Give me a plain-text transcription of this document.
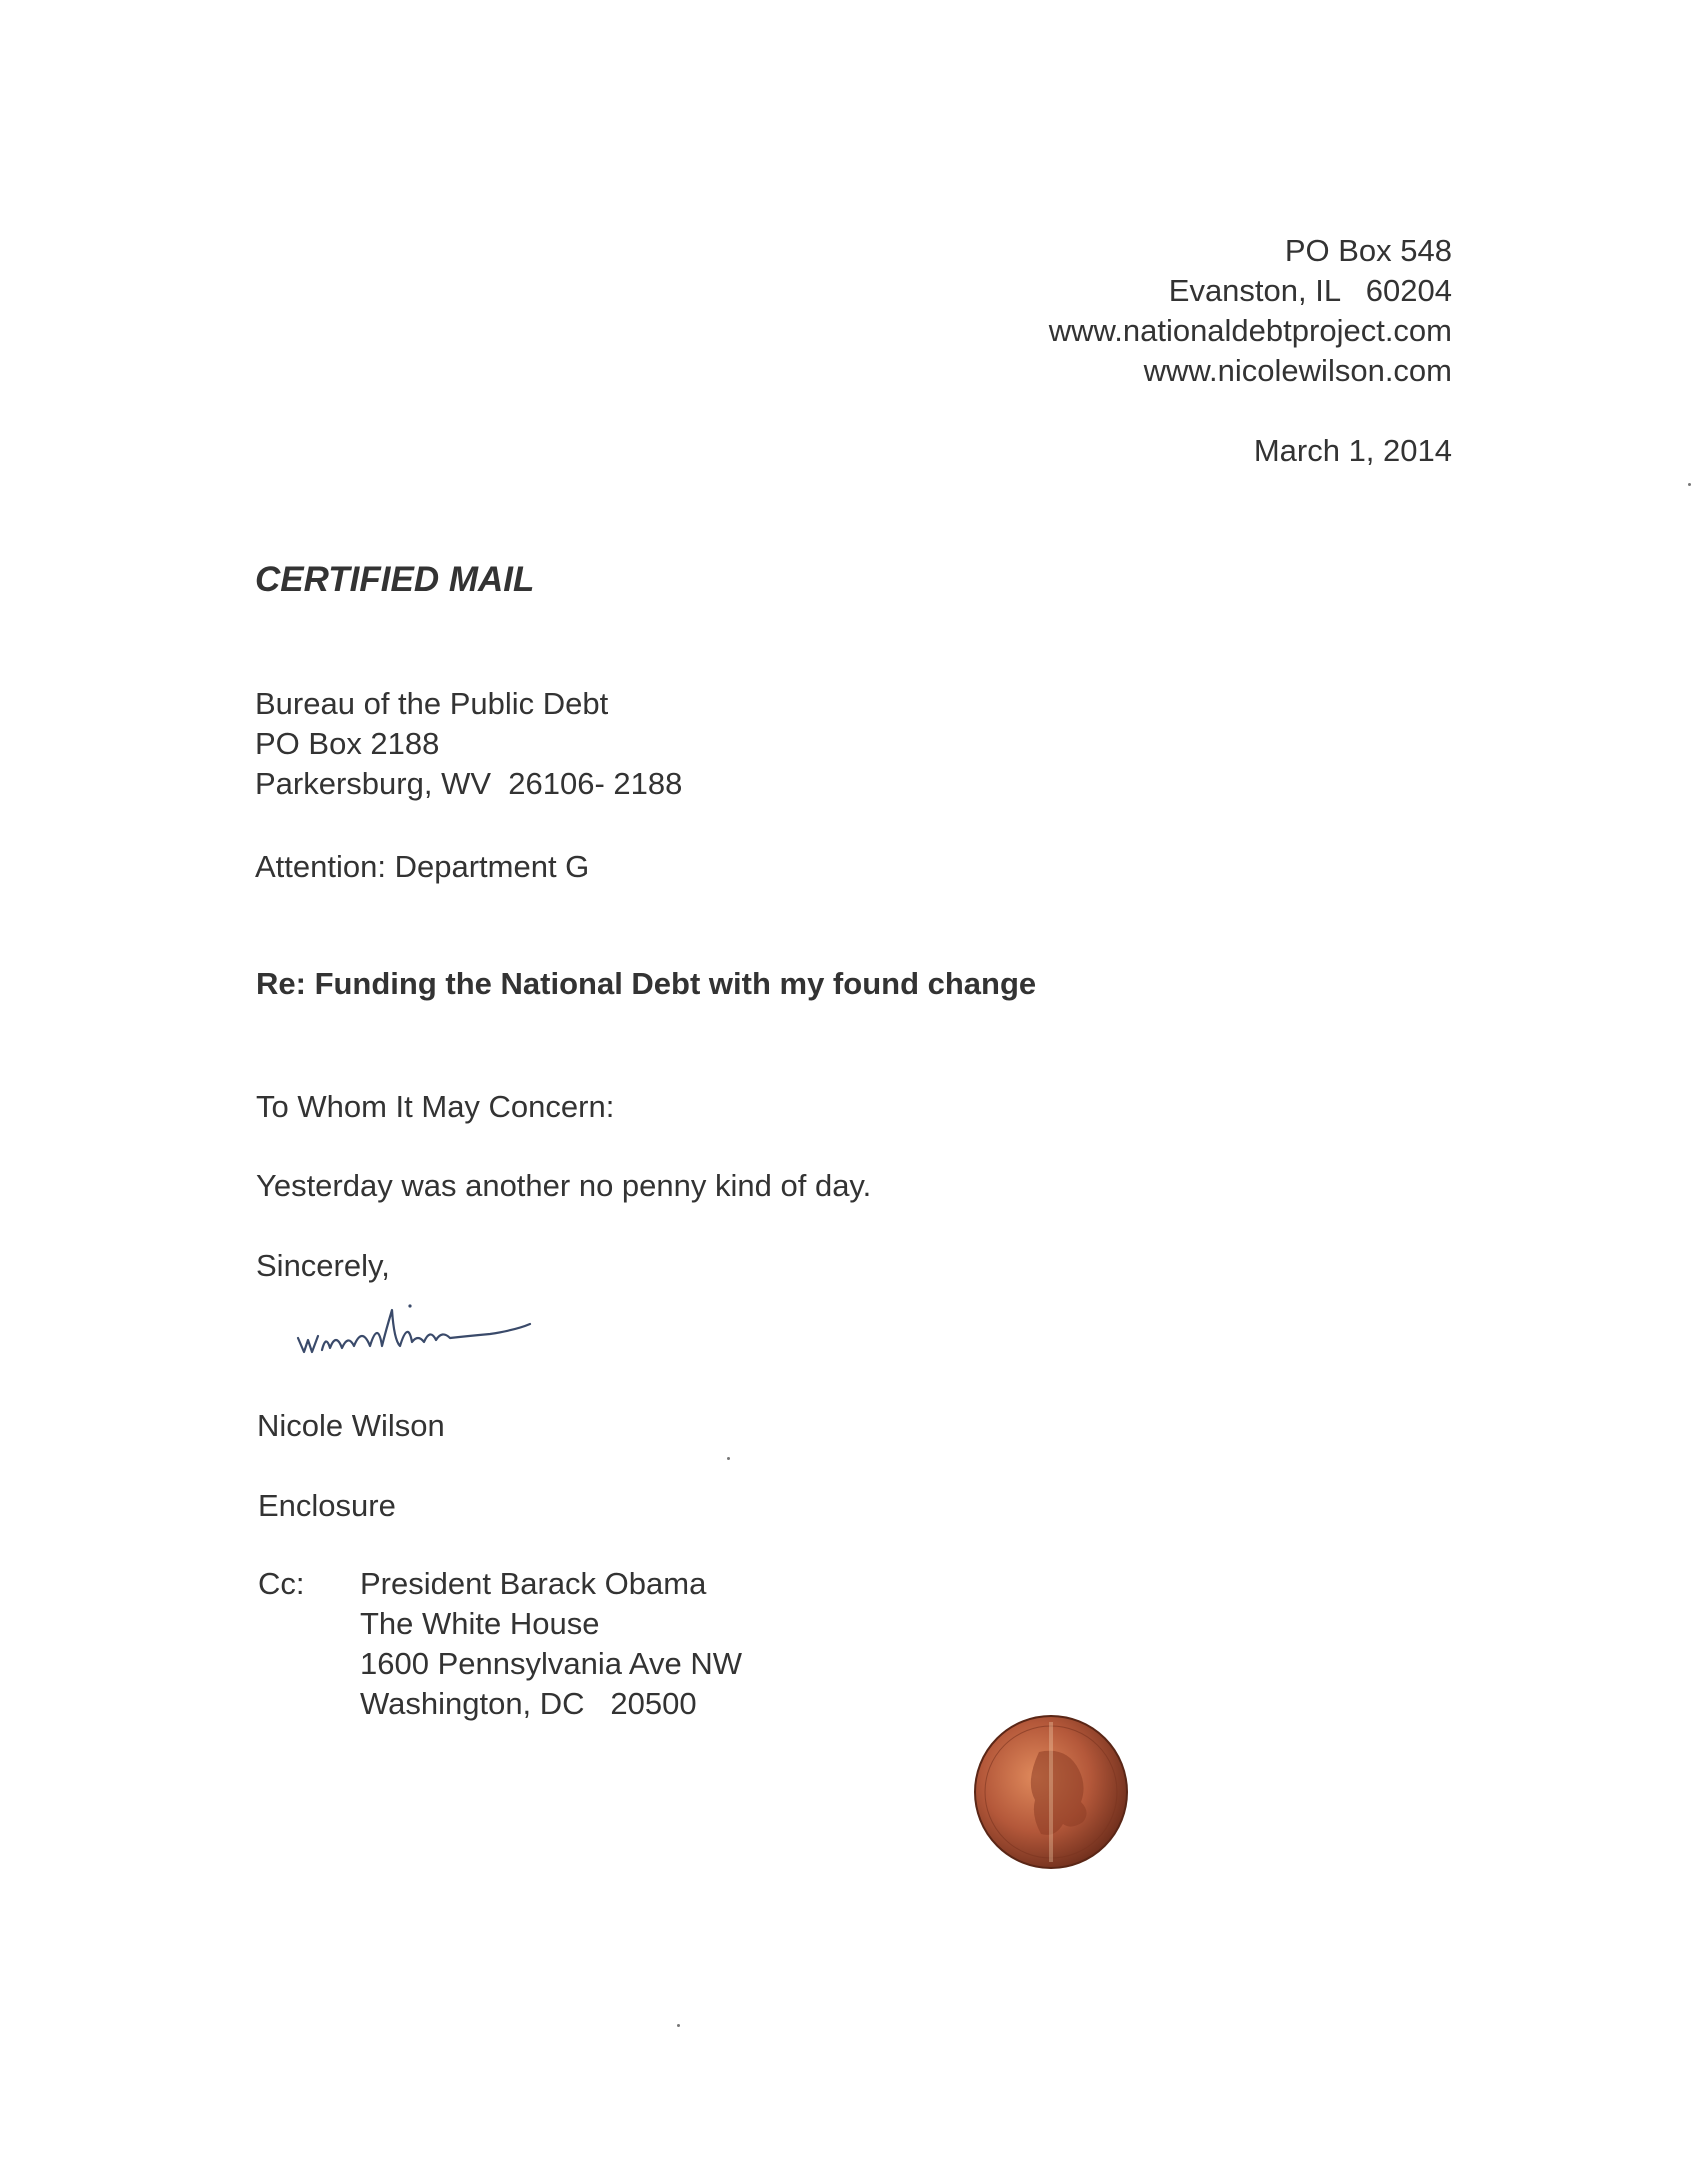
PO Box 548
Evanston, IL   60204
www.nationaldebtproject.com
www.nicolewilson.com
March 1, 2014
CERTIFIED MAIL
Bureau of the Public Debt
PO Box 2188
Parkersburg, WV  26106- 2188
Attention: Department G
Re: Funding the National Debt with my found change
To Whom It May Concern:
Yesterday was another no penny kind of day.
Sincerely,
Nicole Wilson
Enclosure
Cc: President Barack Obama
The White House
1600 Pennsylvania Ave NW
Washington, DC   20500
